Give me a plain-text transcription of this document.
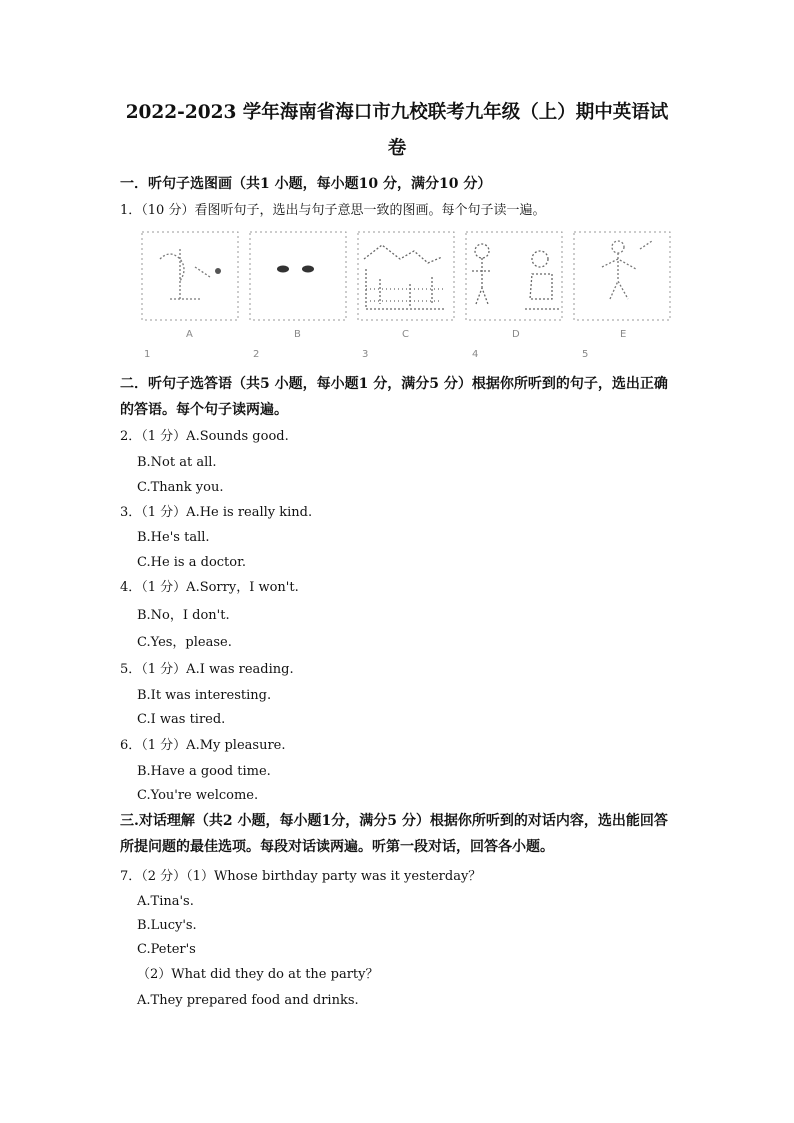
2022-2023 学年海南省海口市九校联考九年级（上）期中英语试
卷
一．听句子选图画（共1 小题，每小题10 分，满分10 分）
1．（10 分）看图听句子，选出与句子意思一致的图画。每个句子读一遍。
A	B	C	D	E
1	2	3	4	5
二．听句子选答语（共5 小题，每小题1 分，满分5 分）根据你所听到的句子，选出正确
的答语。每个句子读两遍。
2．（1 分）A.Sounds good.
B.Not at all.
C.Thank you.
3．（1 分）A.He is really kind.
B.He's tall.
C.He is a doctor.
4．（1 分）A.Sorry，I won't.
B.No，I don't.
C.Yes，please.
5．（1 分）A.I was reading.
B.It was interesting.
C.I was tired.
6．（1 分）A.My pleasure.
B.Have a good time.
C.You're welcome.
三.对话理解（共2 小题，每小题1分，满分5 分）根据你所听到的对话内容，选出能回答
所提问题的最佳选项。每段对话读两遍。听第一段对话，回答各小题。
7．（2 分）（1）Whose birthday party was it yesterday？
A.Tina's.
B.Lucy's.
C.Peter's
（2）What did they do at the party？
A.They prepared food and drinks.
